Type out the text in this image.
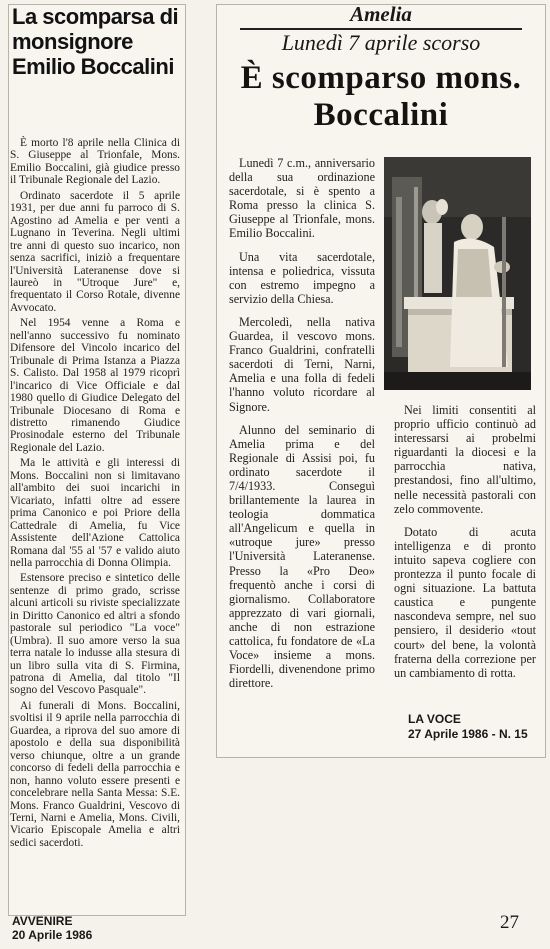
La scomparsa di monsignore Emilio Boccalini

È morto l'8 aprile nella Clinica di S. Giuseppe al Trionfale, Mons. Emilio Boccalini, già giudice presso il Tribunale Regionale del Lazio.

Ordinato sacerdote il 5 aprile 1931, per due anni fu parroco di S. Agostino ad Amelia e per venti a Lugnano in Teverina. Negli ultimi tre anni di questo suo incarico, non senza sacrifici, iniziò a frequentare l'Università Lateranense dove si laureò in "Utroque Jure" e, frequentato il Corso Rotale, divenne Avvocato.

Nel 1954 venne a Roma e nell'anno successivo fu nominato Difensore del Vincolo incarico del Tribunale di Prima Istanza a Piazza S. Calisto. Dal 1958 al 1979 ricoprì l'incarico di Vice Officiale e dal 1980 quello di Giudice Delegato del Tribunale Diocesano di Roma e distretto rimanendo Giudice Prosinodale esterno del Tribunale Regionale del Lazio.

Ma le attività e gli interessi di Mons. Boccalini non si limitavano all'ambito dei suoi incarichi in Vicariato, infatti oltre ad essere prima Canonico e poi Priore della Cattedrale di Amelia, fu Vice Assistente dell'Azione Cattolica Romana dal '55 al '57 e valido aiuto nella parrocchia di Donna Olimpia.

Estensore preciso e sintetico delle sentenze di primo grado, scrisse alcuni articoli su riviste specializzate in Diritto Canonico ed altri a sfondo pastorale sul periodico "La voce" (Umbra). Il suo amore verso la sua terra natale lo indusse alla stesura di un libro sulla vita di S. Firmina, patrona di Amelia, dal titolo "Il sogno del Vescovo Pasquale".

Ai funerali di Mons. Boccalini, svoltisi il 9 aprile nella parrocchia di Guardea, a riprova del suo amore di apostolo e della sua disponibilità verso chiunque, oltre a un grande concorso di fedeli della parrocchia e non, hanno voluto essere presenti e concelebrare nella Santa Messa: S.E. Mons. Franco Gualdrini, Vescovo di Terni, Narni e Amelia, Mons. Civili, Vicario Episcopale Amelia e altri sedici sacerdoti.

Amelia
Lunedì 7 aprile scorso
È scomparso mons. Boccalini

Lunedì 7 c.m., anniversario della sua ordinazione sacerdotale, si è spento a Roma presso la clinica S. Giuseppe al Trionfale, mons. Emilio Boccalini.

Una vita sacerdotale, intensa e poliedrica, vissuta con estremo impegno a servizio della Chiesa.

Mercoledì, nella nativa Guardea, il vescovo mons. Franco Gualdrini, confratelli sacerdoti di Terni, Narni, Amelia e una folla di fedeli l'hanno voluto ricordare al Signore.

Alunno del seminario di Amelia prima e del Regionale di Assisi poi, fu ordinato sacerdote il 7/4/1933. Conseguì brillantemente la laurea in teologia dommatica all'Angelicum e quella in «utroque jure» presso l'Università Lateranense. Presso la «Pro Deo» frequentò anche i corsi di giornalismo. Collaboratore apprezzato di vari giornali, anche di non estrazione cattolica, fu fondatore de «La Voce» insieme a mons. Fiordelli, divenendone primo direttore.

Nei limiti consentiti al proprio ufficio continuò ad interessarsi ai probelmi riguardanti la diocesi e la parrocchia nativa, prestandosi, fino all'ultimo, nelle necessità pastorali con zelo commovente.

Dotato di acuta intelligenza e di pronto intuito sapeva cogliere con prontezza il punto focale di ogni situazione. La battuta caustica e pungente nascondeva sempre, nel suo pensiero, il desiderio «tout court» del bene, la volontà fraterna della correzione per un cambiamento di rotta.

LA VOCE
27 Aprile 1986 - N. 15
AVVENIRE
20 Aprile 1986
27
